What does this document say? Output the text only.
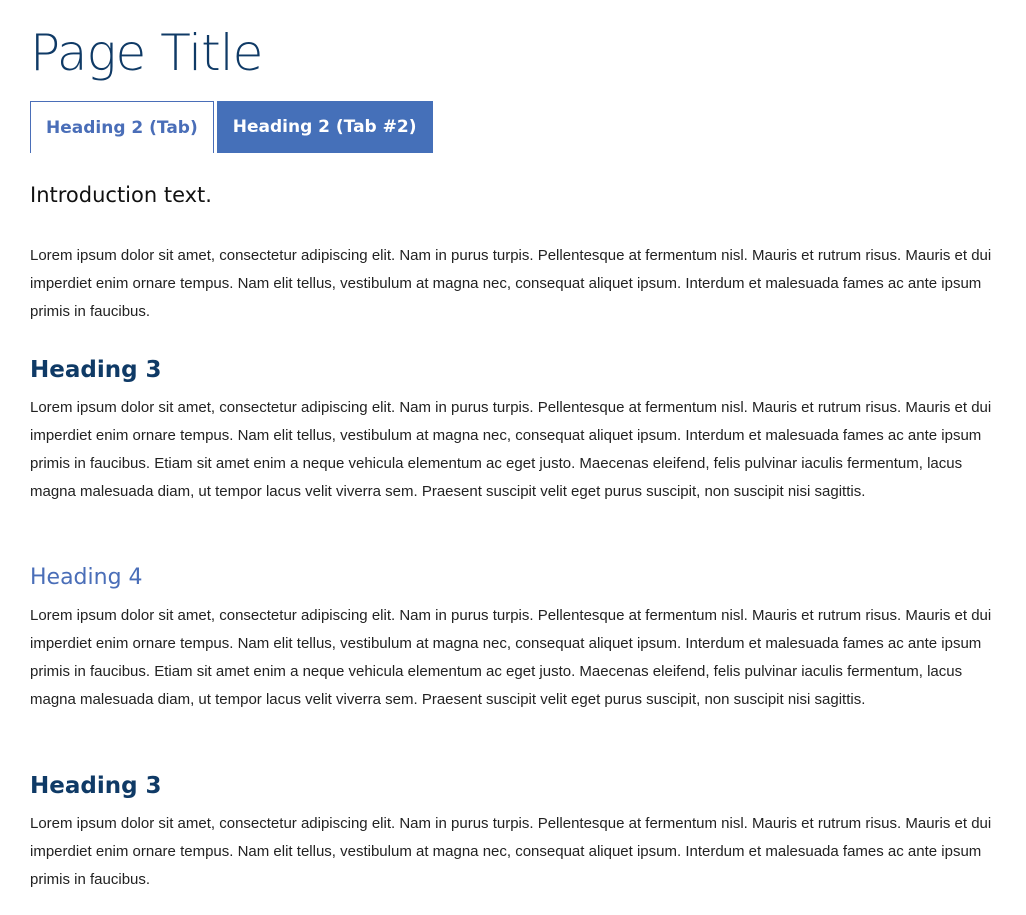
Page Title
Heading 2 (Tab)	Heading 2 (Tab #2)

Introduction text.

Lorem ipsum dolor sit amet, consectetur adipiscing elit. Nam in purus turpis. Pellentesque at fermentum nisl. Mauris et rutrum risus. Mauris et dui imperdiet enim ornare tempus. Nam elit tellus, vestibulum at magna nec, consequat aliquet ipsum. Interdum et malesuada fames ac ante ipsum primis in faucibus.

Heading 3

Lorem ipsum dolor sit amet, consectetur adipiscing elit. Nam in purus turpis. Pellentesque at fermentum nisl. Mauris et rutrum risus. Mauris et dui imperdiet enim ornare tempus. Nam elit tellus, vestibulum at magna nec, consequat aliquet ipsum. Interdum et malesuada fames ac ante ipsum primis in faucibus. Etiam sit amet enim a neque vehicula elementum ac eget justo. Maecenas eleifend, felis pulvinar iaculis fermentum, lacus magna malesuada diam, ut tempor lacus velit viverra sem. Praesent suscipit velit eget purus suscipit, non suscipit nisi sagittis.

Heading 4

Lorem ipsum dolor sit amet, consectetur adipiscing elit. Nam in purus turpis. Pellentesque at fermentum nisl. Mauris et rutrum risus. Mauris et dui imperdiet enim ornare tempus. Nam elit tellus, vestibulum at magna nec, consequat aliquet ipsum. Interdum et malesuada fames ac ante ipsum primis in faucibus. Etiam sit amet enim a neque vehicula elementum ac eget justo. Maecenas eleifend, felis pulvinar iaculis fermentum, lacus magna malesuada diam, ut tempor lacus velit viverra sem. Praesent suscipit velit eget purus suscipit, non suscipit nisi sagittis.

Heading 3

Lorem ipsum dolor sit amet, consectetur adipiscing elit. Nam in purus turpis. Pellentesque at fermentum nisl. Mauris et rutrum risus. Mauris et dui imperdiet enim ornare tempus. Nam elit tellus, vestibulum at magna nec, consequat aliquet ipsum. Interdum et malesuada fames ac ante ipsum primis in faucibus.
